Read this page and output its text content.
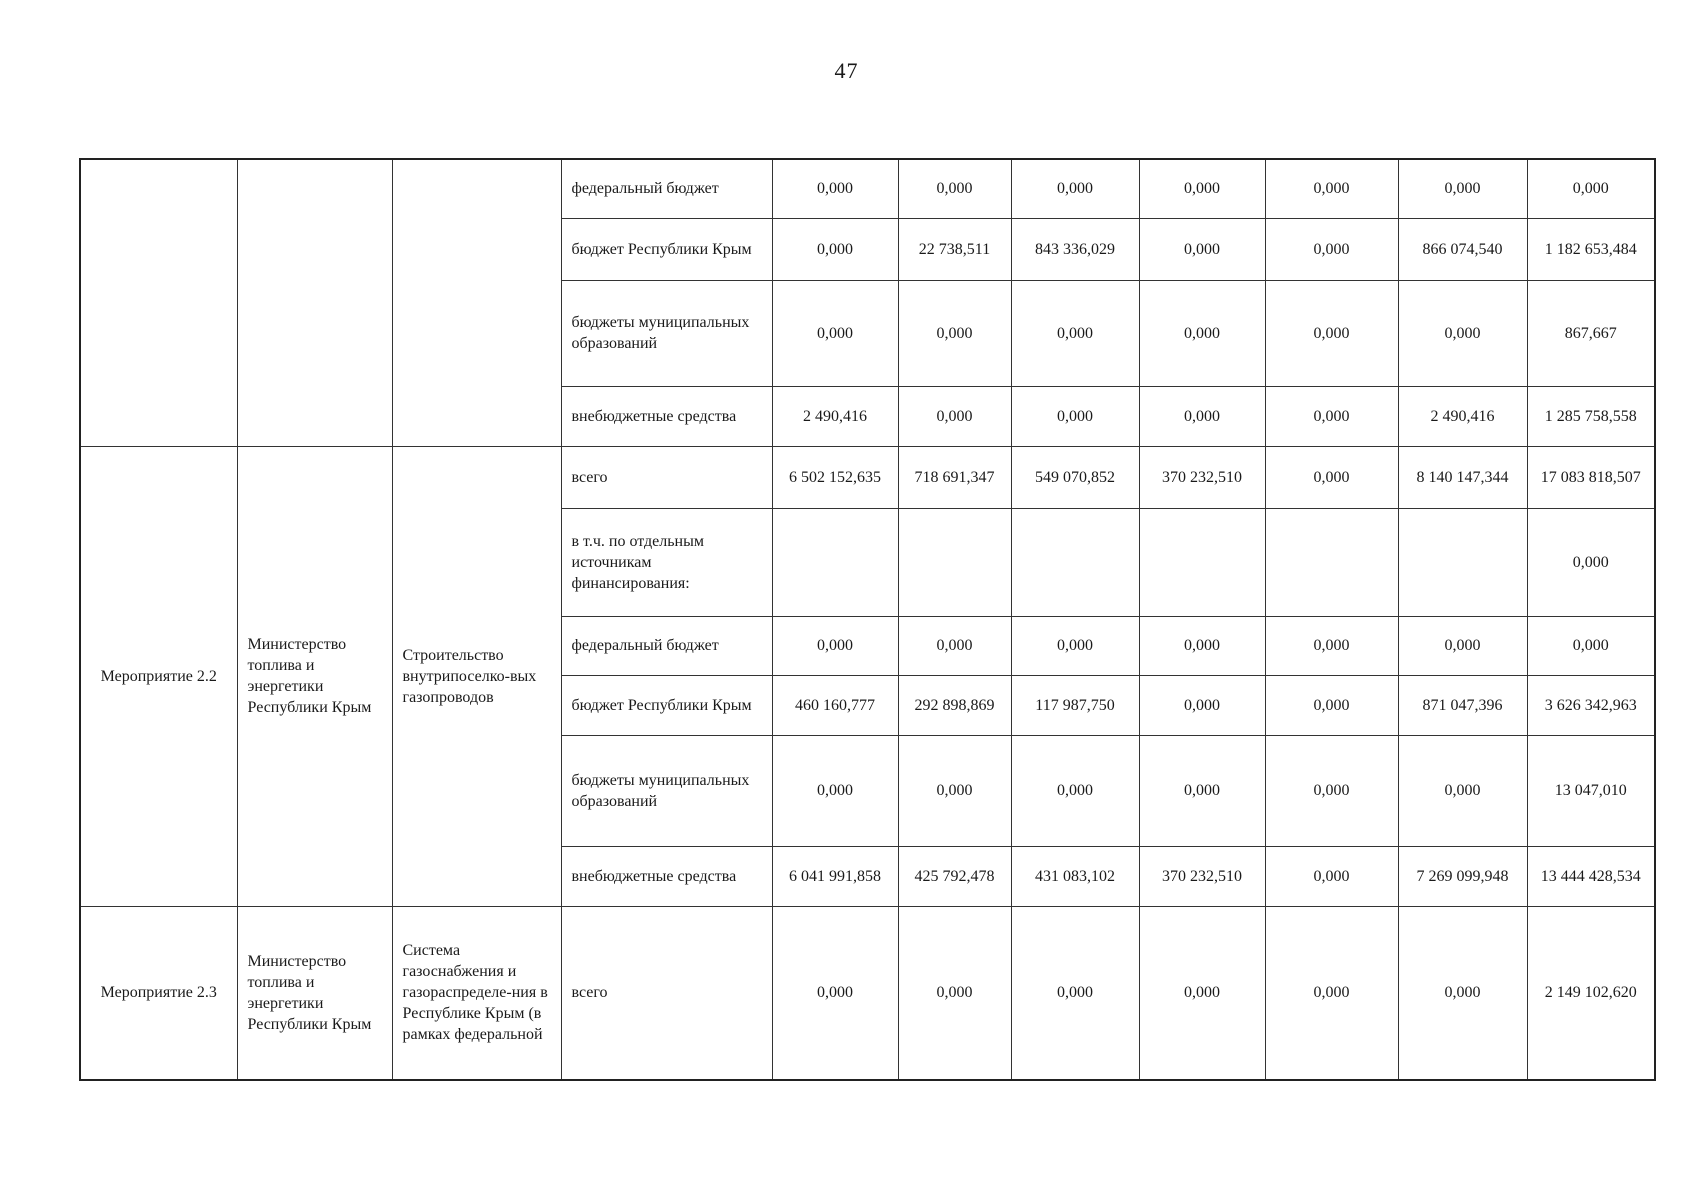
47
			федеральный бюджет	0,000	0,000	0,000	0,000	0,000	0,000	0,000
			бюджет Республики Крым	0,000	22 738,511	843 336,029	0,000	0,000	866 074,540	1 182 653,484
			бюджеты муниципальных образований	0,000	0,000	0,000	0,000	0,000	0,000	867,667
			внебюджетные средства	2 490,416	0,000	0,000	0,000	0,000	2 490,416	1 285 758,558
Мероприятие 2.2	Министерство топлива и энергетики Республики Крым	Строительство внутрипоселко-вых газопроводов	всего	6 502 152,635	718 691,347	549 070,852	370 232,510	0,000	8 140 147,344	17 083 818,507
			в т.ч. по отдельным источникам финансирования:							0,000
			федеральный бюджет	0,000	0,000	0,000	0,000	0,000	0,000	0,000
			бюджет Республики Крым	460 160,777	292 898,869	117 987,750	0,000	0,000	871 047,396	3 626 342,963
			бюджеты муниципальных образований	0,000	0,000	0,000	0,000	0,000	0,000	13 047,010
			внебюджетные средства	6 041 991,858	425 792,478	431 083,102	370 232,510	0,000	7 269 099,948	13 444 428,534
Мероприятие 2.3	Министерство топлива и энергетики Республики Крым	Система газоснабжения и газораспределе-ния в Республике Крым (в рамках федеральной	всего	0,000	0,000	0,000	0,000	0,000	0,000	2 149 102,620
